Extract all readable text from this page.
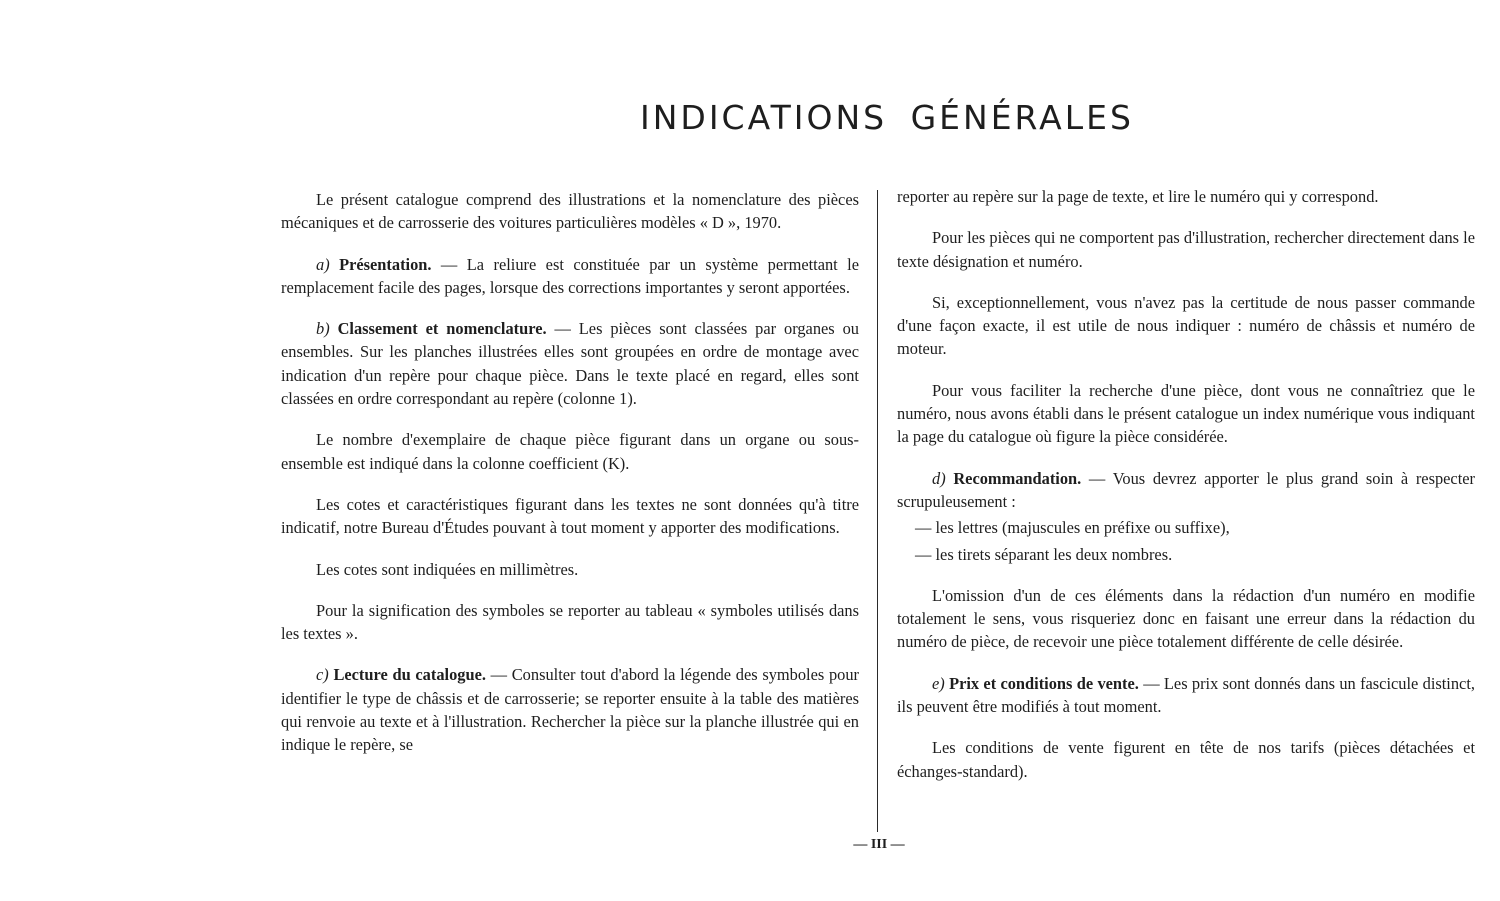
INDICATIONS GÉNÉRALES

Le présent catalogue comprend des illustrations et la nomenclature des pièces mécaniques et de carrosserie des voitures particulières modèles « D », 1970.

a) Présentation. — La reliure est constituée par un système permettant le remplacement facile des pages, lorsque des corrections importantes y seront apportées.

b) Classement et nomenclature. — Les pièces sont classées par organes ou ensembles. Sur les planches illustrées elles sont groupées en ordre de montage avec indication d'un repère pour chaque pièce. Dans le texte placé en regard, elles sont classées en ordre correspondant au repère (colonne 1).

Le nombre d'exemplaire de chaque pièce figurant dans un organe ou sous-ensemble est indiqué dans la colonne coefficient (K).

Les cotes et caractéristiques figurant dans les textes ne sont données qu'à titre indicatif, notre Bureau d'Études pouvant à tout moment y apporter des modifications.

Les cotes sont indiquées en millimètres.

Pour la signification des symboles se reporter au tableau « symboles utilisés dans les textes ».

c) Lecture du catalogue. — Consulter tout d'abord la légende des symboles pour identifier le type de châssis et de carrosserie; se reporter ensuite à la table des matières qui renvoie au texte et à l'illustration. Rechercher la pièce sur la planche illustrée qui en indique le repère, se

reporter au repère sur la page de texte, et lire le numéro qui y correspond.

Pour les pièces qui ne comportent pas d'illustration, rechercher directement dans le texte désignation et numéro.

Si, exceptionnellement, vous n'avez pas la certitude de nous passer commande d'une façon exacte, il est utile de nous indiquer : numéro de châssis et numéro de moteur.

Pour vous faciliter la recherche d'une pièce, dont vous ne connaîtriez que le numéro, nous avons établi dans le présent catalogue un index numérique vous indiquant la page du catalogue où figure la pièce considérée.

d) Recommandation. — Vous devrez apporter le plus grand soin à respecter scrupuleusement :

— les lettres (majuscules en préfixe ou suffixe),

— les tirets séparant les deux nombres.

L'omission d'un de ces éléments dans la rédaction d'un numéro en modifie totalement le sens, vous risqueriez donc en faisant une erreur dans la rédaction du numéro de pièce, de recevoir une pièce totalement différente de celle désirée.

e) Prix et conditions de vente. — Les prix sont donnés dans un fascicule distinct, ils peuvent être modifiés à tout moment.

Les conditions de vente figurent en tête de nos tarifs (pièces détachées et échanges-standard).

— III —
